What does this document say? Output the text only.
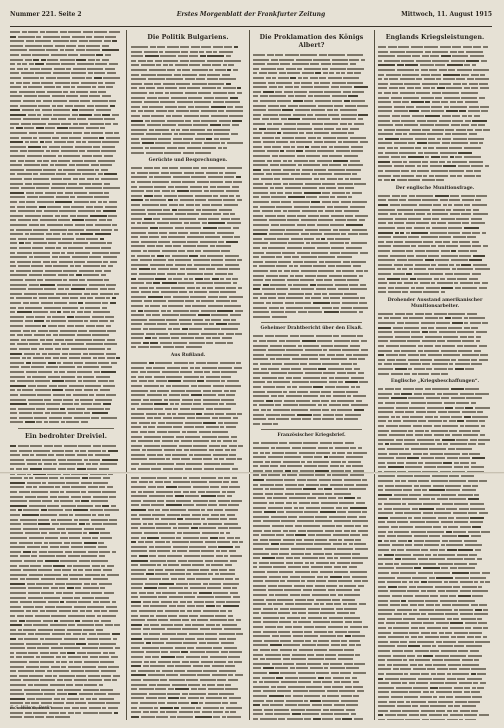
Nummer 221. Seite 2	Erstes Morgenblatt der Frankfurter Zeitung	Mittwoch, 11. August 1915
Ein bedrohter Dreiviel.
Die Politik Bulgariens.
Gerüchte und Besprechungen.
Aus Rußland.
Die Proklamation des Königs Albert?
Geheimer Drahtbericht über den Elsaß.
Französischer Kriegsbrief.
Englands Kriegsleistungen.
Der englische Munitionsfrage.
Drohender Ausstand amerikanischer Munitionsarbeiter.
Englische „Kriegsbeschaffungen“.
F. S. Wilson, Berlin
